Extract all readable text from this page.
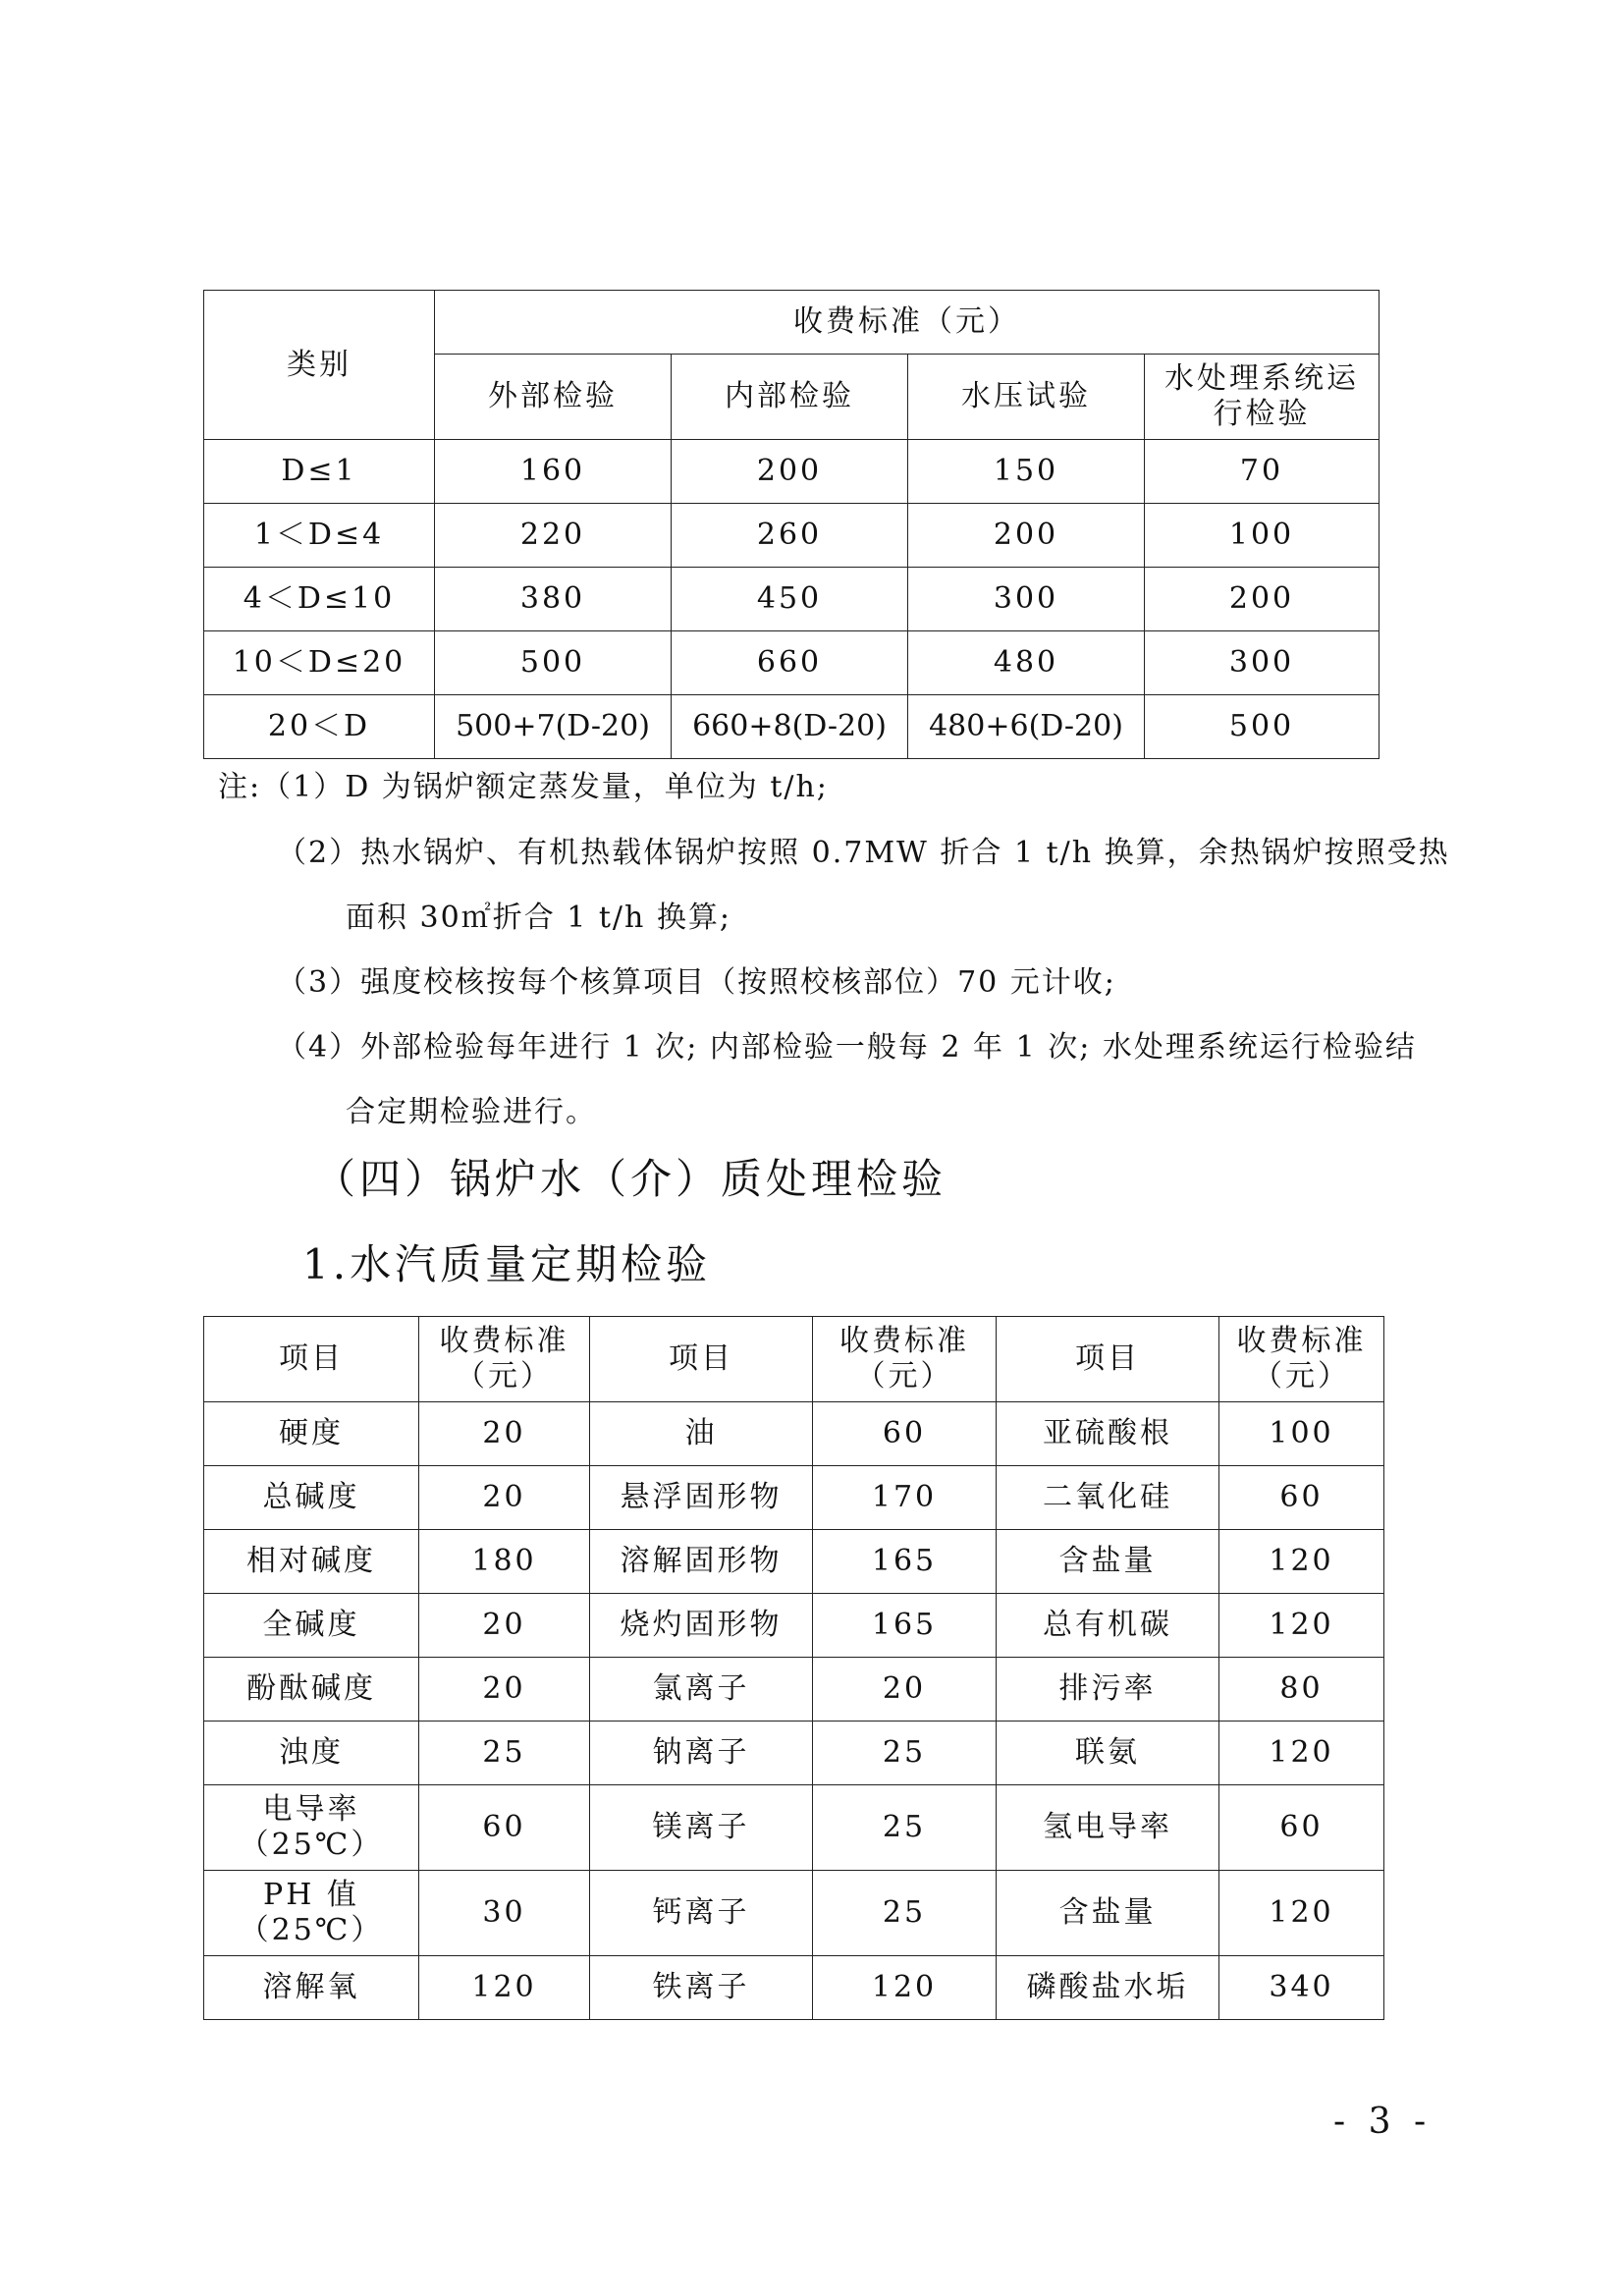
类别	收费标准（元）			
	外部检验	内部检验	水压试验	水处理系统运行检验
D≤1	160	200	150	70
1＜D≤4	220	260	200	100
4＜D≤10	380	450	300	200
10＜D≤20	500	660	480	300
20＜D	500+7(D-20)	660+8(D-20)	480+6(D-20)	500
注:（1）D 为锅炉额定蒸发量，单位为 t/h;
（2）热水锅炉、有机热载体锅炉按照 0.7MW 折合 1 t/h 换算，余热锅炉按照受热
面积 30㎡折合 1 t/h 换算;
（3）强度校核按每个核算项目（按照校核部位）70 元计收;
（4）外部检验每年进行 1 次; 内部检验一般每 2 年 1 次; 水处理系统运行检验结
合定期检验进行。
（四）锅炉水（介）质处理检验
1.水汽质量定期检验
项目	收费标准（元）	项目	收费标准（元）	项目	收费标准（元）
硬度	20	油	60	亚硫酸根	100
总碱度	20	悬浮固形物	170	二氧化硅	60
相对碱度	180	溶解固形物	165	含盐量	120
全碱度	20	烧灼固形物	165	总有机碳	120
酚酞碱度	20	氯离子	20	排污率	80
浊度	25	钠离子	25	联氨	120
电导率（25℃）	60	镁离子	25	氢电导率	60
PH 值（25℃）	30	钙离子	25	含盐量	120
溶解氧	120	铁离子	120	磷酸盐水垢	340
- 3 -
